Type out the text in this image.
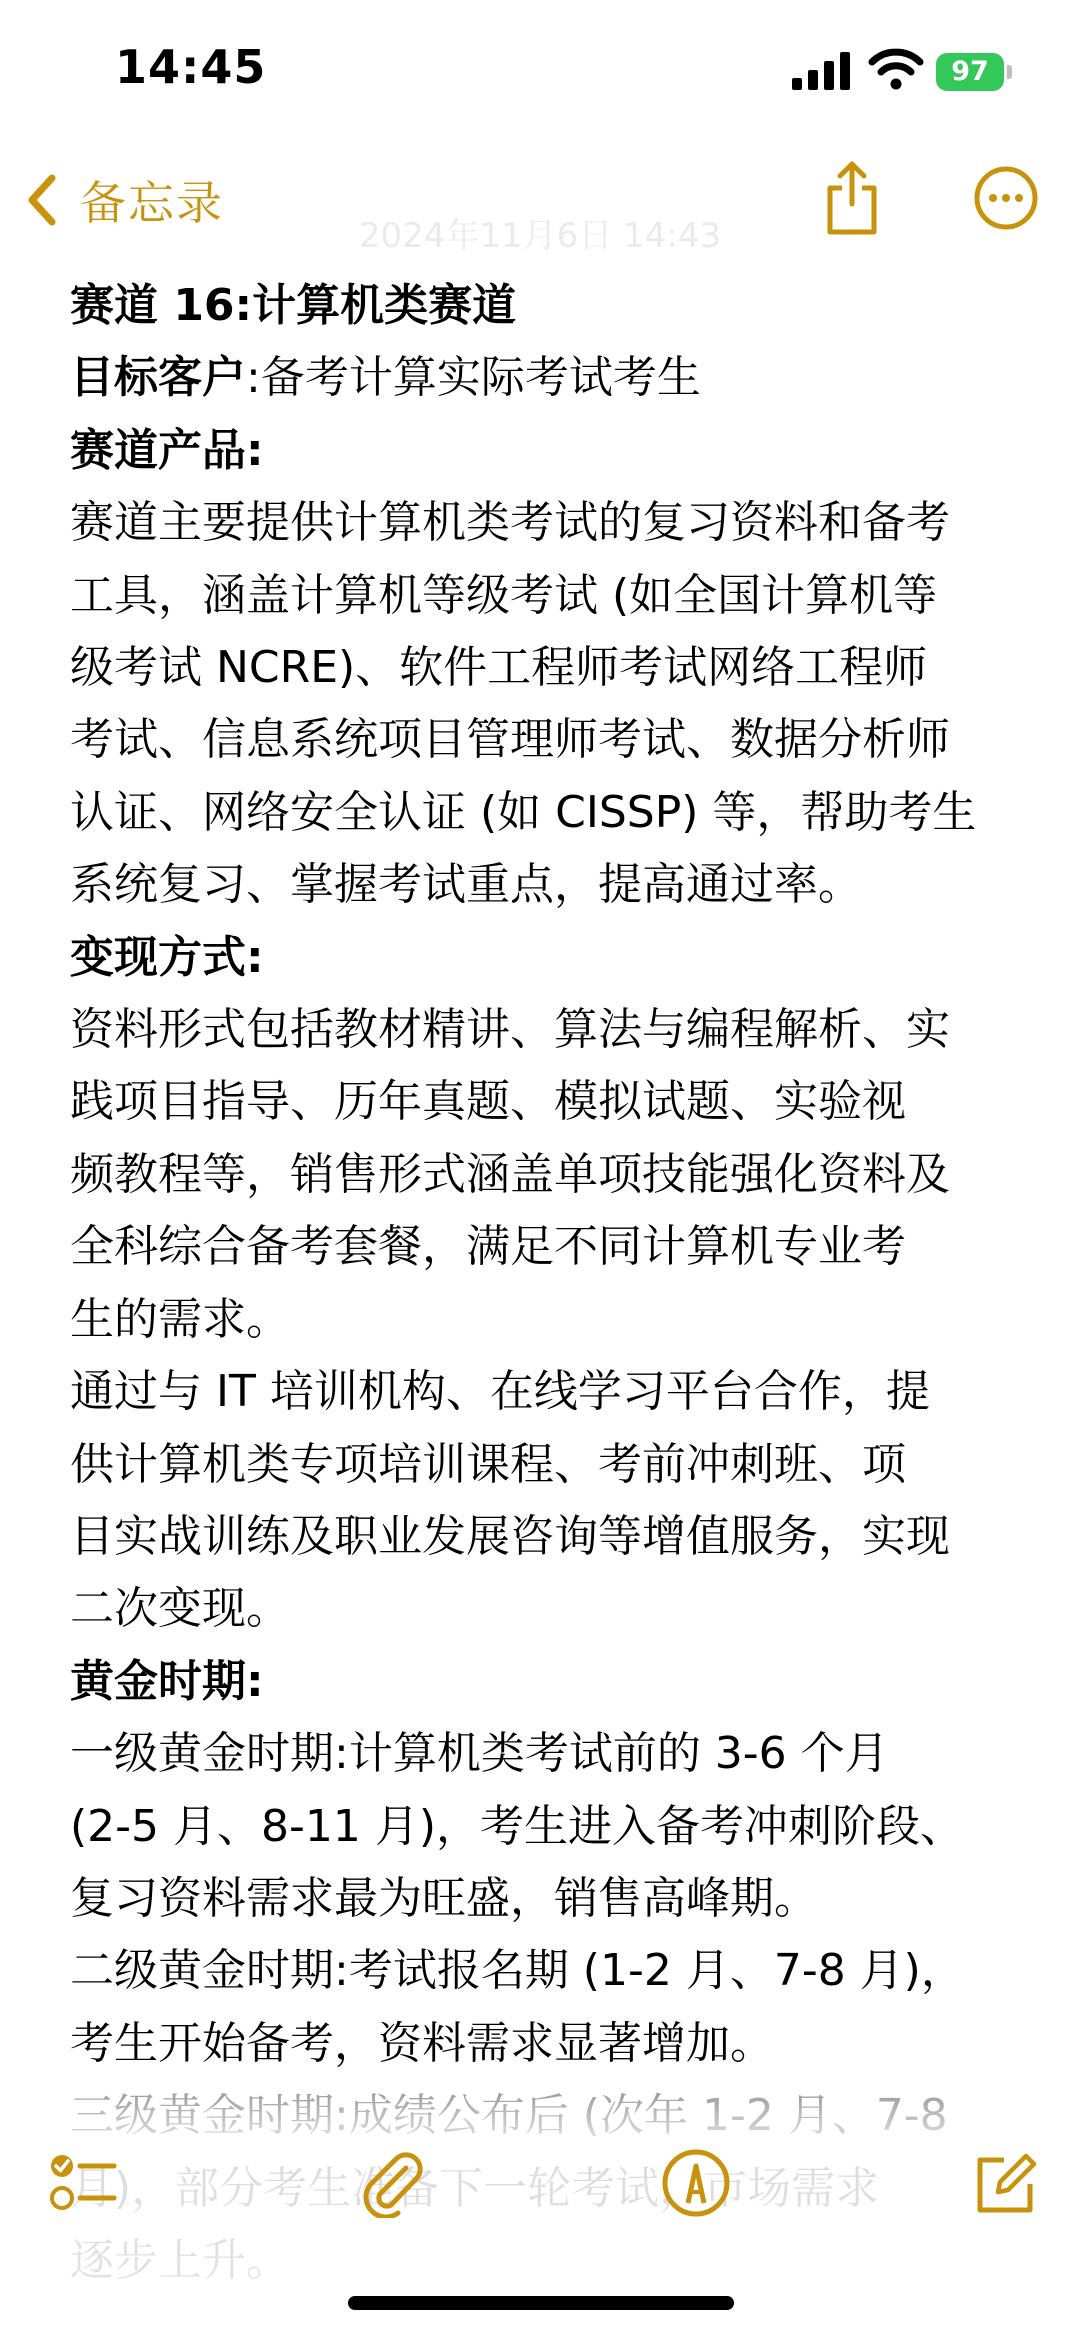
14:45	97
备忘录
2024年11月6日 14:43
赛道 16:计算机类赛道
目标客户:备考计算实际考试考生
赛道产品:
赛道主要提供计算机类考试的复习资料和备考
工具，涵盖计算机等级考试 (如全国计算机等
级考试 NCRE)、软件工程师考试网络工程师
考试、信息系统项目管理师考试、数据分析师
认证、网络安全认证 (如 CISSP) 等，帮助考生
系统复习、掌握考试重点，提高通过率。
变现方式:
资料形式包括教材精讲、算法与编程解析、实
践项目指导、历年真题、模拟试题、实验视
频教程等，销售形式涵盖单项技能强化资料及
全科综合备考套餐，满足不同计算机专业考
生的需求。
通过与 IT 培训机构、在线学习平台合作，提
供计算机类专项培训课程、考前冲刺班、项
目实战训练及职业发展咨询等增值服务，实现
二次变现。
黄金时期:
一级黄金时期:计算机类考试前的 3-6 个月
(2-5 月、8-11 月)，考生进入备考冲刺阶段、
复习资料需求最为旺盛，销售高峰期。
二级黄金时期:考试报名期 (1-2 月、7-8 月)，
考生开始备考，资料需求显著增加。
